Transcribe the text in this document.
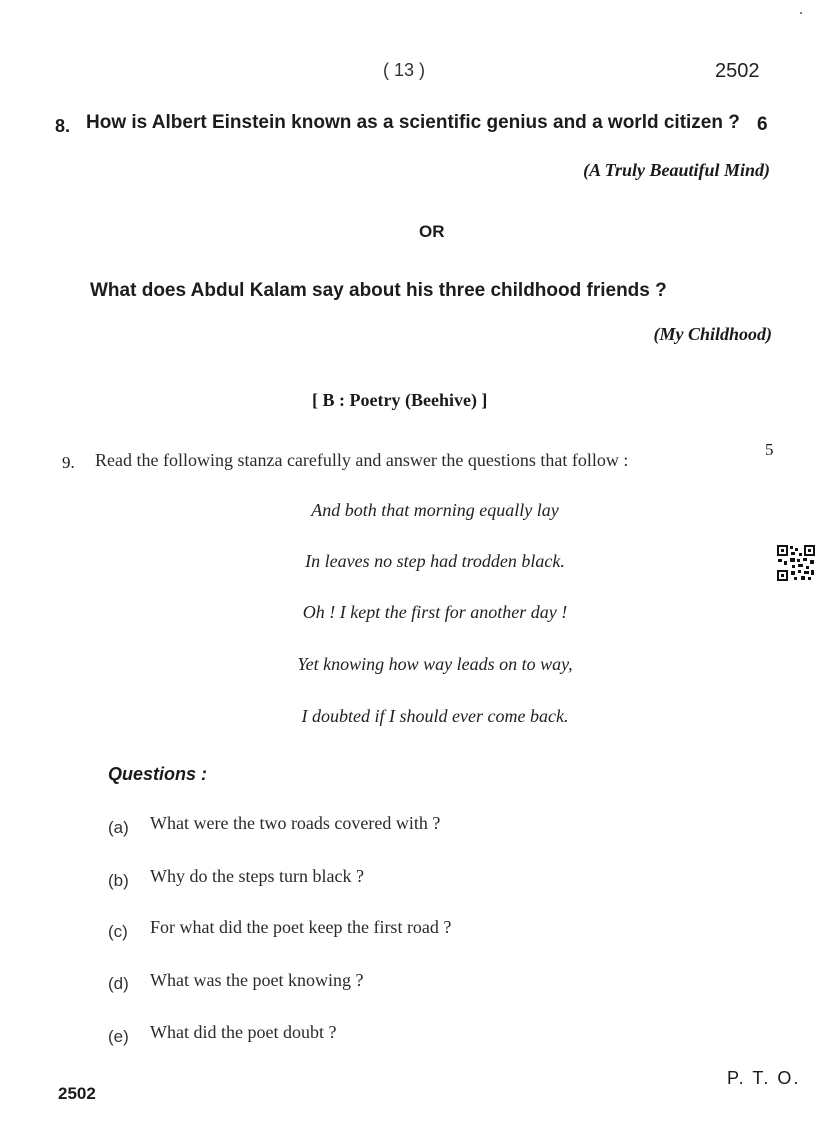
( 13 )	2502
8. How is Albert Einstein known as a scientific genius and a world citizen ? 6
(A Truly Beautiful Mind)
OR
What does Abdul Kalam say about his three childhood friends ?
(My Childhood)
[ B : Poetry (Beehive) ]
9. Read the following stanza carefully and answer the questions that follow :
5
And both that morning equally lay
In leaves no step had trodden black.
Oh ! I kept the first for another day !
Yet knowing how way leads on to way,
I doubted if I should ever come back.
Questions :
(a) What were the two roads covered with ?
(b) Why do the steps turn black ?
(c) For what did the poet keep the first road ?
(d) What was the poet knowing ?
(e) What did the poet doubt ?
P. T. O.
2502
